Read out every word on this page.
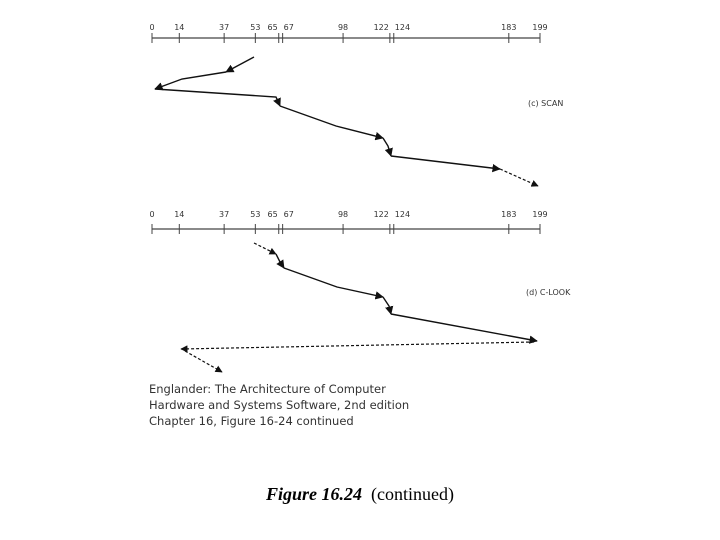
0 14	37	53 65 67	98	122 124	183 199
(c) SCAN
0 14	37	53 65 67	98	122 124	183 199
(d) C-LOOK
Englander: The Architecture of Computer
Hardware and Systems Software, 2nd edition
Chapter 16, Figure 16-24 continued
Figure 16.24 (continued)
